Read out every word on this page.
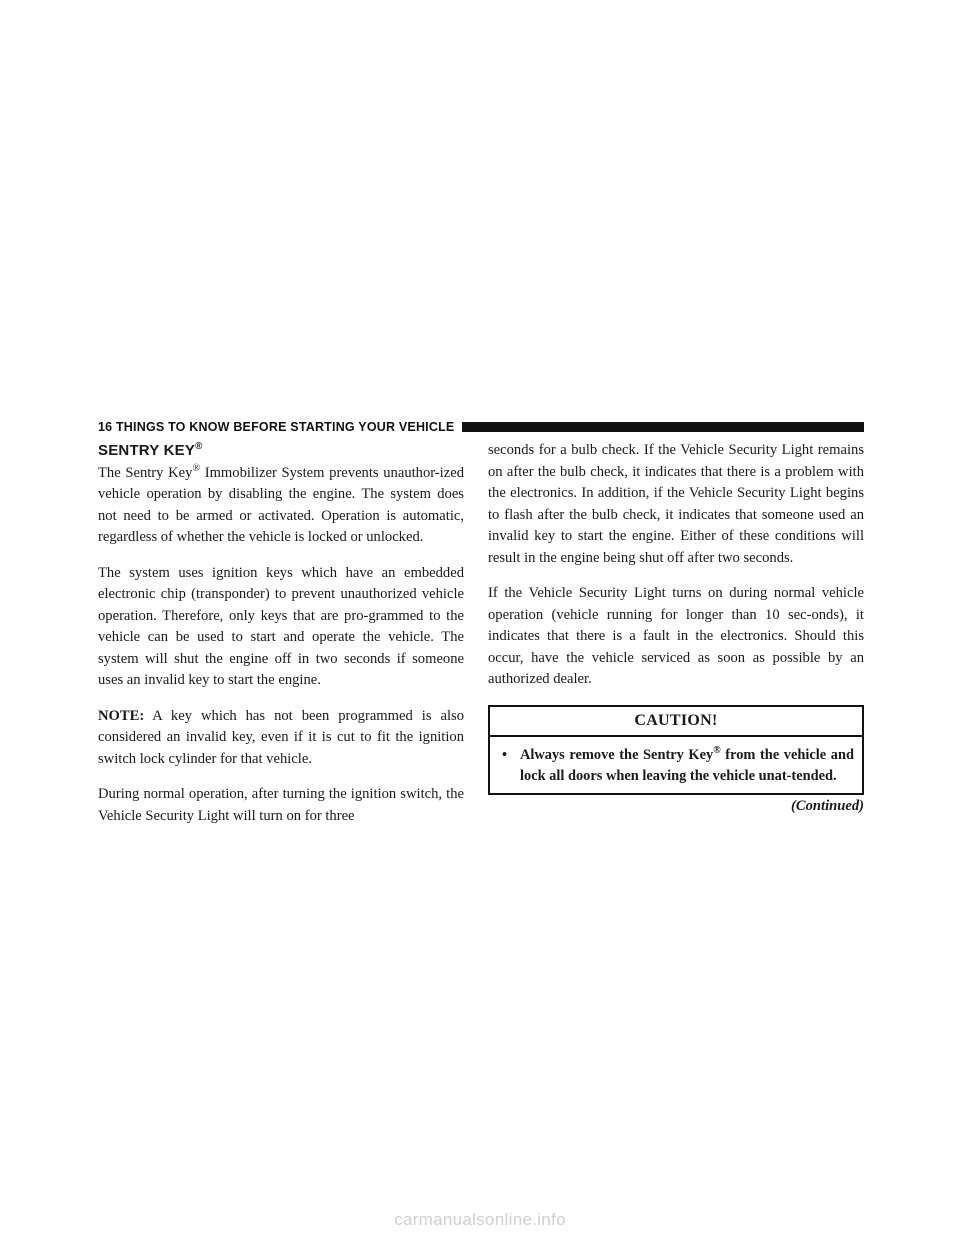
16 THINGS TO KNOW BEFORE STARTING YOUR VEHICLE
SENTRY KEY®

The Sentry Key® Immobilizer System prevents unauthor-ized vehicle operation by disabling the engine. The system does not need to be armed or activated. Operation is automatic, regardless of whether the vehicle is locked or unlocked.

The system uses ignition keys which have an embedded electronic chip (transponder) to prevent unauthorized vehicle operation. Therefore, only keys that are pro-grammed to the vehicle can be used to start and operate the vehicle. The system will shut the engine off in two seconds if someone uses an invalid key to start the engine.

NOTE: A key which has not been programmed is also considered an invalid key, even if it is cut to fit the ignition switch lock cylinder for that vehicle.

During normal operation, after turning the ignition switch, the Vehicle Security Light will turn on for three

seconds for a bulb check. If the Vehicle Security Light remains on after the bulb check, it indicates that there is a problem with the electronics. In addition, if the Vehicle Security Light begins to flash after the bulb check, it indicates that someone used an invalid key to start the engine. Either of these conditions will result in the engine being shut off after two seconds.

If the Vehicle Security Light turns on during normal vehicle operation (vehicle running for longer than 10 sec-onds), it indicates that there is a fault in the electronics. Should this occur, have the vehicle serviced as soon as possible by an authorized dealer.

CAUTION!
• Always remove the Sentry Key® from the vehicle and lock all doors when leaving the vehicle unat-tended.
(Continued)
carmanualsonline.info
